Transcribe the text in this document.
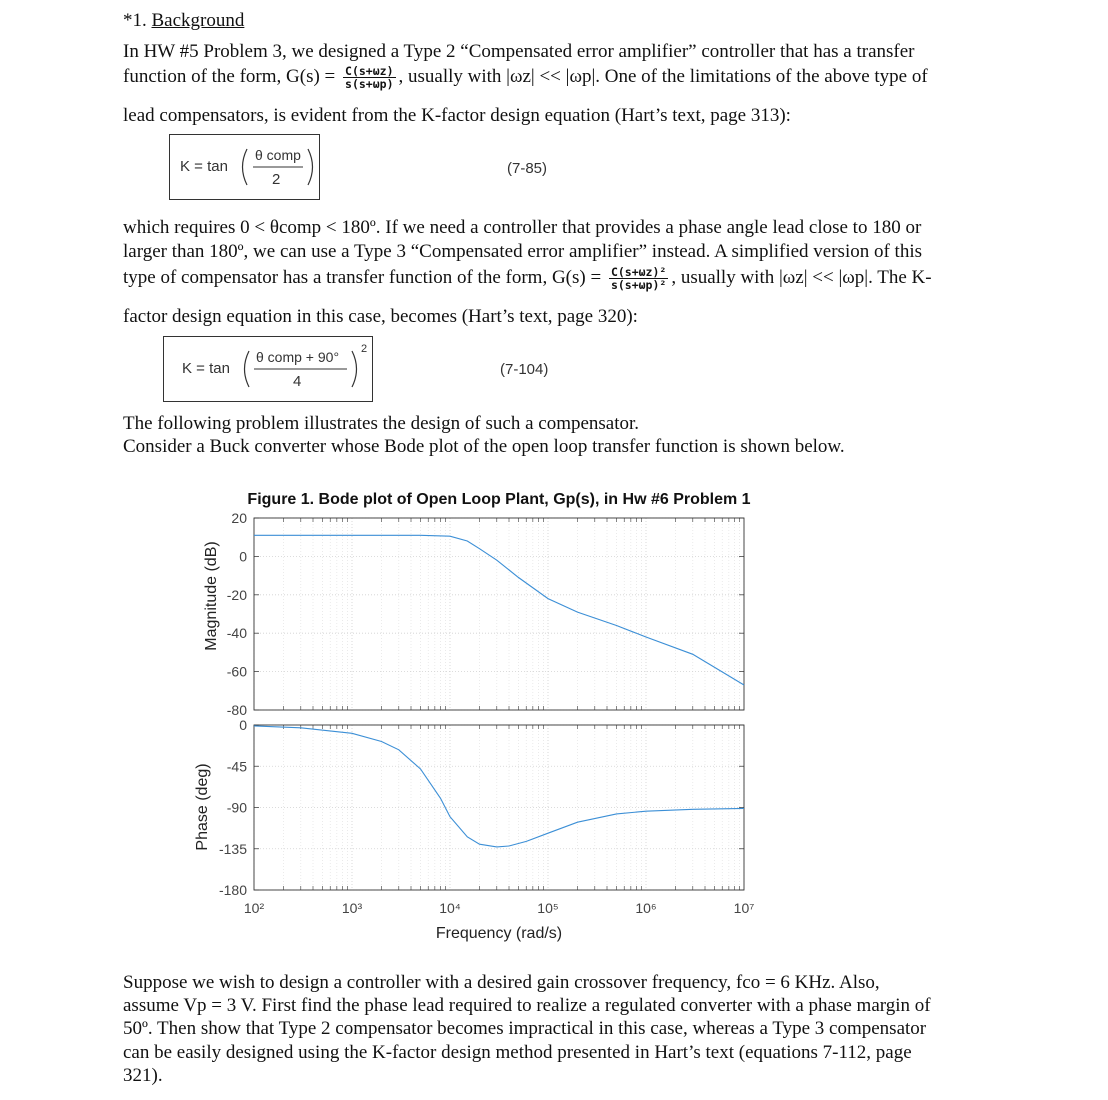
*1. Background
In HW #5 Problem 3, we designed a Type 2 “Compensated error amplifier” controller that has a transfer
function of the form, $G(s) = \frac{C(s+\omega z)}{s(s+\omega p)}$ , usually with |ωz| << |ωp|. One of the limitations of the above type of
lead compensators, is evident from the K-factor design equation (Hart’s text, page 313):
K = tan
θ comp
2
(7-85)
which requires 0 < θcomp < 180º. If we need a controller that provides a phase angle lead close to 180 or
larger than 180º, we can use a Type 3 “Compensated error amplifier” instead. A simplified version of this
type of compensator has a transfer function of the form, $G(s) = \frac{\text{C(s+ωz)²}}{\text{s(s+ωp)²}}$ , usually with |ωz| << |ωp|. The K-
factor design equation in this case, becomes (Hart’s text, page 320):
K = tan
θ comp + 90°
4
2
(7-104)
The following problem illustrates the design of such a compensator.
Consider a Buck converter whose Bode plot of the open loop transfer function is shown below.
Figure 1. Bode plot of Open Loop Plant, Gp(s), in Hw #6 Problem 1
20
0
-20
-40
-60
-80
0
-45
-90
-135
-180
10²	10³	10⁴	10⁵	10⁶	10⁷
Frequency (rad/s)
Magnitude (dB)
Phase (deg)
Suppose we wish to design a controller with a desired gain crossover frequency, fco = 6 KHz. Also,
assume Vp = 3 V. First find the phase lead required to realize a regulated converter with a phase margin of
50º. Then show that Type 2 compensator becomes impractical in this case, whereas a Type 3 compensator
can be easily designed using the K-factor design method presented in Hart’s text (equations 7-112, page
321).
